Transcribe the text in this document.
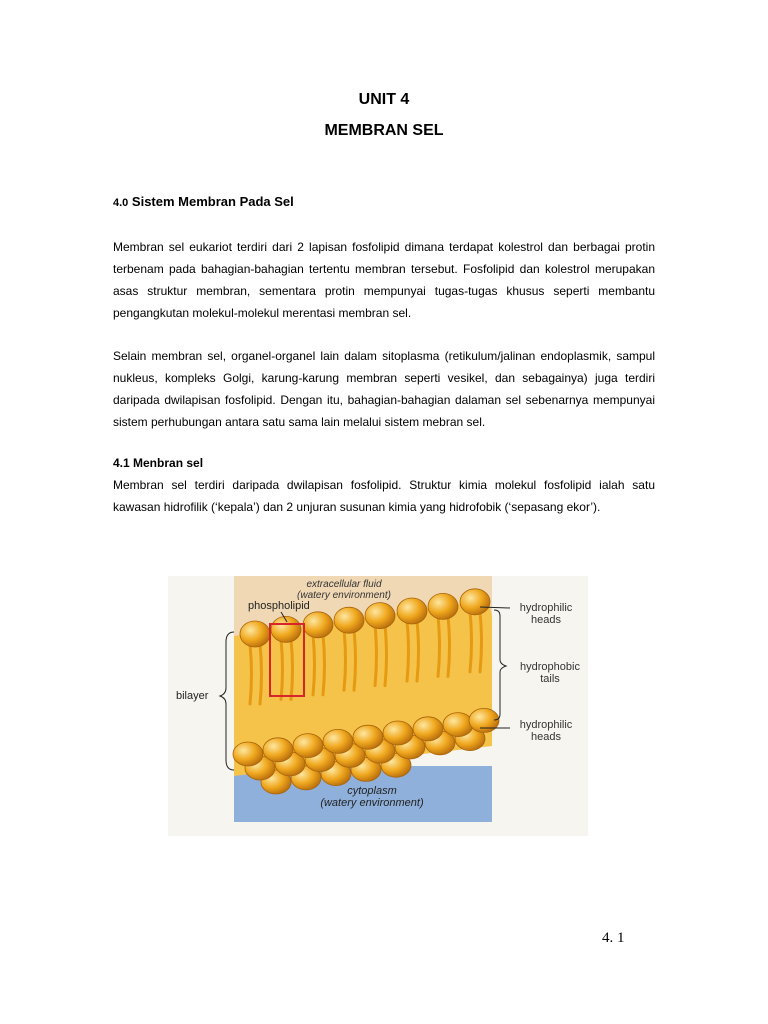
UNIT 4
MEMBRAN SEL
4.0 Sistem Membran Pada Sel
Membran sel eukariot terdiri dari 2 lapisan fosfolipid dimana terdapat kolestrol dan berbagai protin terbenam pada bahagian-bahagian tertentu membran tersebut. Fosfolipid dan kolestrol merupakan asas struktur membran, sementara protin mempunyai tugas-tugas khusus seperti membantu pengangkutan molekul-molekul merentasi membran sel.
Selain membran sel, organel-organel lain dalam sitoplasma (retikulum/jalinan endoplasmik, sampul nukleus, kompleks Golgi, karung-karung membran seperti vesikel, dan sebagainya) juga terdiri daripada dwilapisan fosfolipid. Dengan itu, bahagian-bahagian dalaman sel sebenarnya mempunyai sistem perhubungan antara satu sama lain melalui sistem mebran sel.
4.1 Menbran sel
Membran sel terdiri daripada dwilapisan fosfolipid. Struktur kimia molekul fosfolipid ialah satu kawasan hidrofilik (‘kepala’) dan 2 unjuran susunan kimia yang hidrofobik (‘sepasang ekor’).
extracellular fluid
(watery environment)
phospholipid
bilayer
hydrophilic
heads
hydrophobic
tails
hydrophilic
heads
cytoplasm
(watery environment)
4. 1
